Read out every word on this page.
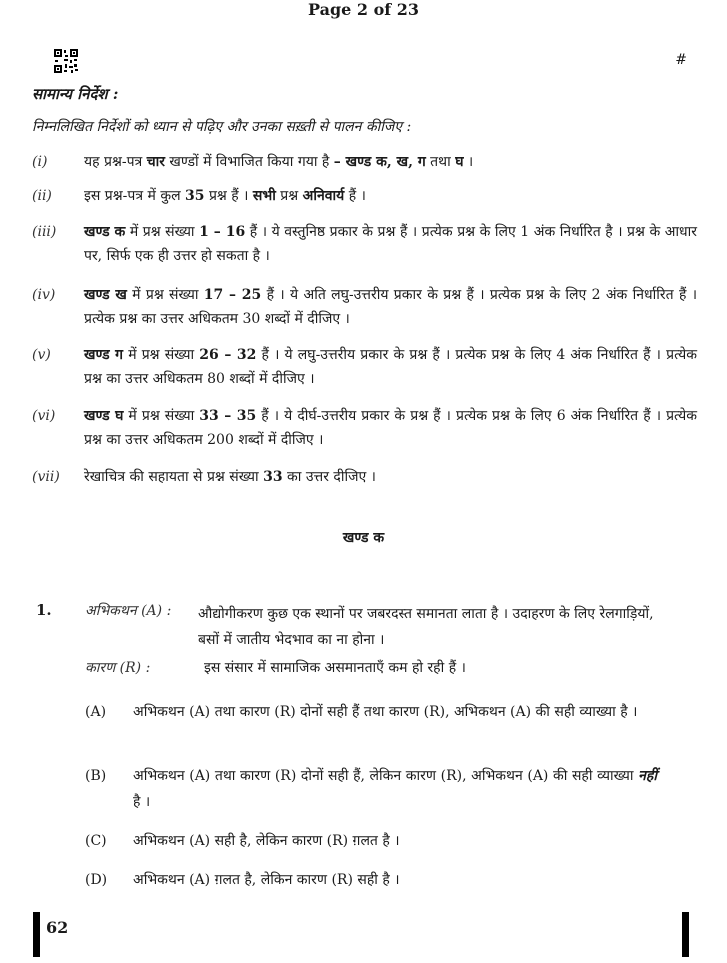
#
सामान्य निर्देश :
निम्नलिखित निर्देशों को ध्यान से पढ़िए और उनका सख़्ती से पालन कीजिए :
(i)	यह प्रश्न-पत्र चार खण्डों में विभाजित किया गया है – खण्ड क, ख, ग तथा घ ।
(ii) इस प्रश्न-पत्र में कुल 35 प्रश्न हैं । सभी प्रश्न अनिवार्य हैं ।
(iii) खण्ड क में प्रश्न संख्या 1 – 16 हैं । ये वस्तुनिष्ठ प्रकार के प्रश्न हैं । प्रत्येक प्रश्न के लिए 1 अंक निर्धारित है । प्रश्न के आधार पर, सिर्फ एक ही उत्तर हो सकता है ।
(iv) खण्ड ख में प्रश्न संख्या 17 – 25 हैं । ये अति लघु-उत्तरीय प्रकार के प्रश्न हैं । प्रत्येक प्रश्न के लिए 2 अंक निर्धारित हैं । प्रत्येक प्रश्न का उत्तर अधिकतम 30 शब्दों में दीजिए ।
(v) खण्ड ग में प्रश्न संख्या 26 – 32 हैं । ये लघु-उत्तरीय प्रकार के प्रश्न हैं । प्रत्येक प्रश्न के लिए 4 अंक निर्धारित हैं । प्रत्येक प्रश्न का उत्तर अधिकतम 80 शब्दों में दीजिए ।
(vi) खण्ड घ में प्रश्न संख्या 33 – 35 हैं । ये दीर्घ-उत्तरीय प्रकार के प्रश्न हैं । प्रत्येक प्रश्न के लिए 6 अंक निर्धारित हैं । प्रत्येक प्रश्न का उत्तर अधिकतम 200 शब्दों में दीजिए ।
(vii) रेखाचित्र की सहायता से प्रश्न संख्या 33 का उत्तर दीजिए ।
खण्ड क
1. अभिकथन (A) : औद्योगीकरण कुछ एक स्थानों पर जबरदस्त समानता लाता है । उदाहरण के लिए रेलगाड़ियों, बसों में जातीय भेदभाव का ना होना ।
कारण (R) :	इस संसार में सामाजिक असमानताएँ कम हो रही हैं ।
(A) अभिकथन (A) तथा कारण (R) दोनों सही हैं तथा कारण (R), अभिकथन (A) की सही व्याख्या है ।
(B) अभिकथन (A) तथा कारण (R) दोनों सही हैं, लेकिन कारण (R), अभिकथन (A) की सही व्याख्या नहीं है ।
(C) अभिकथन (A) सही है, लेकिन कारण (R) ग़लत है ।
(D) अभिकथन (A) ग़लत है, लेकिन कारण (R) सही है ।
62
Page 2 of 23
